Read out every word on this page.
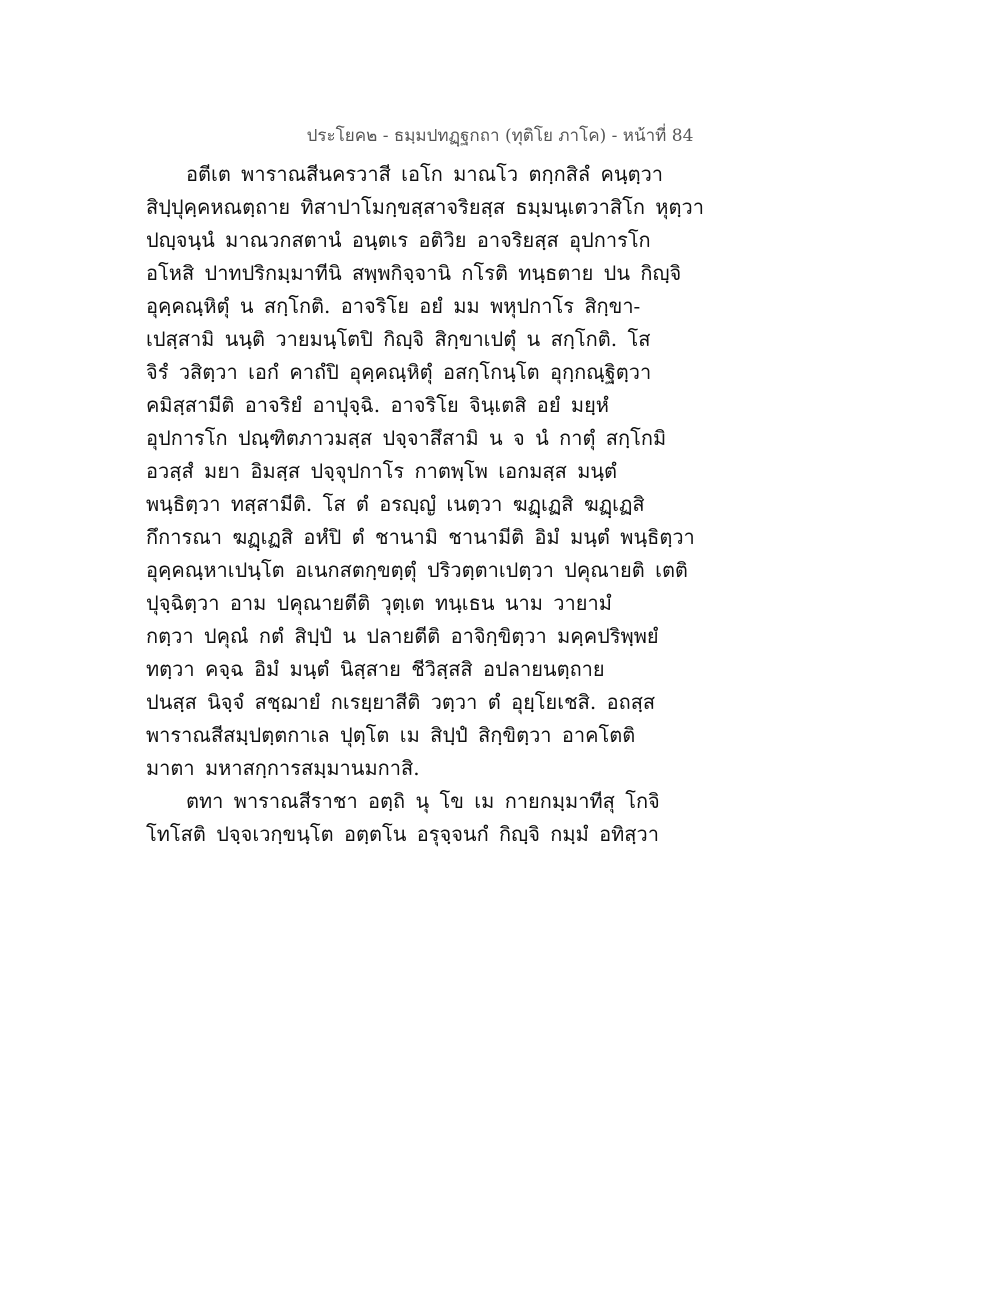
ประโยค๒ - ธมฺมปทฏฺฐกถา (ทุติโย ภาโค) - หน้าที่ 84
อตีเต พาราณสีนครวาสี เอโก มาณโว ตกฺกสิลํ คนฺตฺวา
สิปฺปุคฺคหณตฺถาย ทิสาปาโมกฺขสฺสาจริยสฺส ธมฺมนฺเตวาสิโก หุตฺวา
ปญฺจนฺนํ มาณวกสตานํ อนฺตเร อติวิย อาจริยสฺส อุปการโก
อโหสิ ปาทปริกมฺมาทีนิ สพฺพกิจฺจานิ กโรติ ทนฺธตาย ปน กิญฺจิ
อุคฺคณฺหิตุํ น สกฺโกติ. อาจริโย อยํ มม พหุปกาโร สิกฺขา-
เปสฺสามิ นนฺติ วายมนฺโตปิ กิญฺจิ สิกฺขาเปตุํ น สกฺโกติ. โส
จิรํ วสิตฺวา เอกํ คาถํปิ อุคฺคณฺหิตุํ อสกฺโกนฺโต อุกฺกณฺฐิตฺวา
คมิสฺสามีติ อาจริยํ อาปุจฺฉิ. อาจริโย จินฺเตสิ อยํ มยฺหํ
อุปการโก ปณฺฑิตภาวมสฺส ปจฺจาสึสามิ น จ นํ กาตุํ สกฺโกมิ
อวสฺสํ มยา อิมสฺส ปจฺจุปกาโร กาตพฺโพ เอกมสฺส มนฺตํ
พนฺธิตฺวา ทสฺสามีติ. โส ตํ อรญฺญํ เนตฺวา ฆฏฺเฏสิ ฆฏฺเฏสิ
กึการณา ฆฏฺเฏสิ อหํปิ ตํ ชานามิ ชานามีติ อิมํ มนฺตํ พนฺธิตฺวา
อุคฺคณฺหาเปนฺโต อเนกสตกฺขตฺตุํ ปริวตฺตาเปตฺวา ปคุณายติ เตติ
ปุจฺฉิตฺวา อาม ปคุณายตีติ วุตฺเต ทนฺเธน นาม วายามํ
กตฺวา ปคุณํ กตํ สิปฺปํ น ปลายตีติ อาจิกฺขิตฺวา มคฺคปริพฺพยํ
ทตฺวา คจฺฉ อิมํ มนฺตํ นิสฺสาย ชีวิสฺสสิ อปลายนตฺถาย
ปนสฺส นิจฺจํ สชฺฌายํ กเรยฺยาสีติ วตฺวา ตํ อุยฺโยเชสิ. อถสฺส
พาราณสีสมฺปตฺตกาเล ปุตฺโต เม สิปฺปํ สิกฺขิตฺวา อาคโตติ
มาตา มหาสกฺการสมฺมานมกาสิ.
ตทา พาราณสีราชา อตฺถิ นุ โข เม กายกมฺมาทีสุ โกจิ
โทโสติ ปจฺจเวกฺขนฺโต อตฺตโน อรุจฺจนกํ กิญฺจิ กมฺมํ อทิสฺวา
